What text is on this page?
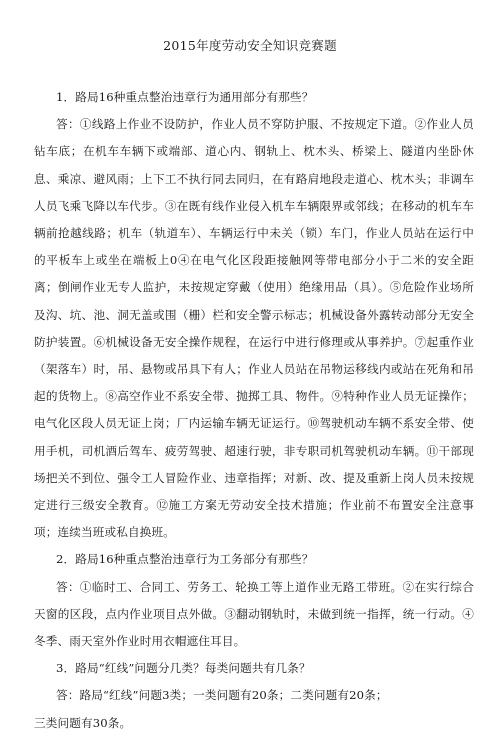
2015年度劳动安全知识竞赛题

1．路局16种重点整治违章行为通用部分有那些？

答：①线路上作业不设防护，作业人员不穿防护服、不按规定下道。②作业人员钻车底；在机车车辆下或端部、道心内、钢轨上、枕木头、桥梁上、隧道内坐卧休息、乘凉、避风雨；上下工不执行同去同归，在有路肩地段走道心、枕木头；非调车人员飞乘飞降以车代步。③在既有线作业侵入机车车辆限界或邻线；在移动的机车车辆前抢越线路；机车（轨道车）、车辆运行中未关（锁）车门，作业人员站在运行中的平板车上或坐在端板上0④在电气化区段距接触网等带电部分小于二米的安全距离；倒闸作业无专人监护，未按规定穿戴（使用）绝缘用品（具）。⑤危险作业场所及沟、坑、池、洞无盖或围（栅）栏和安全警示标志；机械设备外露转动部分无安全防护装置。⑥机械设备无安全操作规程，在运行中进行修理或从事养护。⑦起重作业（架落车）时，吊、悬物或吊具下有人；作业人员站在吊物运移线内或站在死角和吊起的货物上。⑧高空作业不系安全带、抛掷工具、物件。⑨特种作业人员无证操作；电气化区段人员无证上岗；厂内运输车辆无证运行。⑩驾驶机动车辆不系安全带、使用手机，司机酒后驾车、疲劳驾驶、超速行驶，非专职司机驾驶机动车辆。⑪干部现场把关不到位、强令工人冒险作业、违章指挥；对新、改、提及重新上岗人员未按规定进行三级安全教育。⑫施工方案无劳动安全技术措施；作业前不布置安全注意事项；连续当班或私自换班。

2．路局16种重点整治违章行为工务部分有那些？

答：①临时工、合同工、劳务工、轮换工等上道作业无路工带班。②在实行综合天窗的区段，点内作业项目点外做。③翻动钢轨时，未做到统一指挥，统一行动。④冬季、雨天室外作业时用衣帽遮住耳目。

3．路局“红线”问题分几类？每类问题共有几条？

答：路局“红线”问题3类；一类问题有20条；二类问题有20条；

三类问题有30条。
